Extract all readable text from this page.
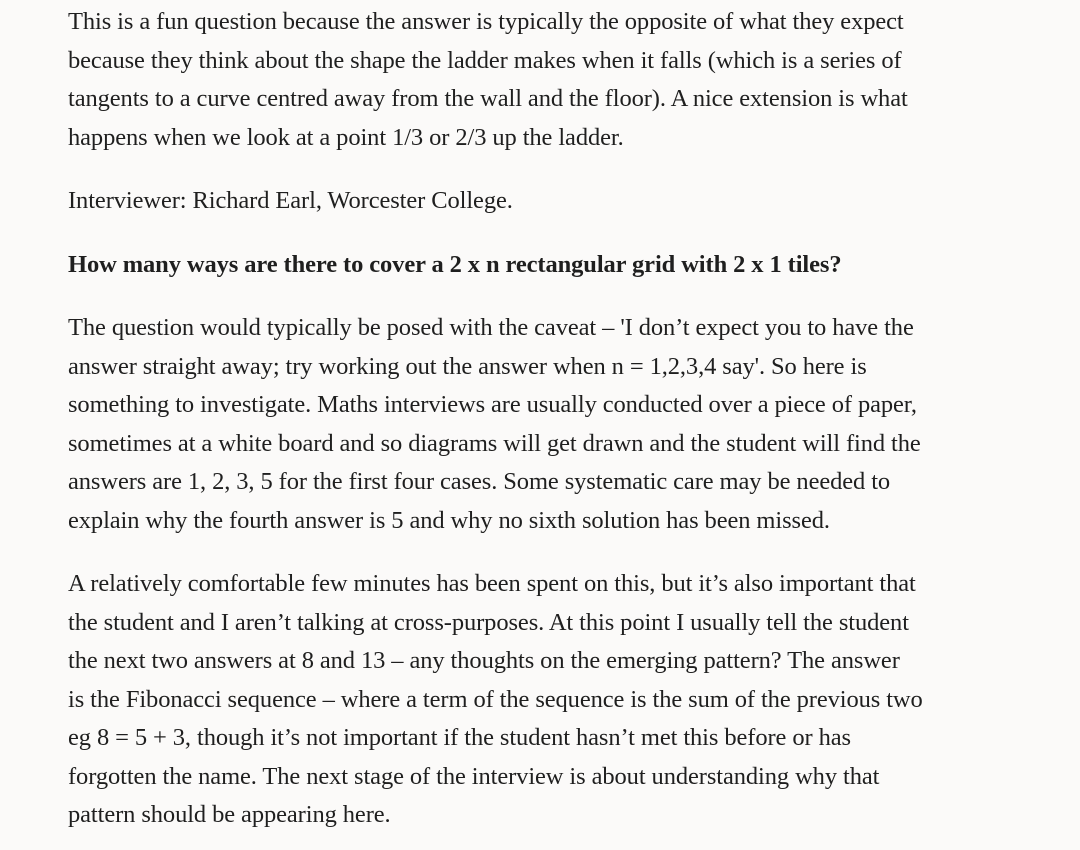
This is a fun question because the answer is typically the opposite of what they expect
because they think about the shape the ladder makes when it falls (which is a series of
tangents to a curve centred away from the wall and the floor). A nice extension is what
happens when we look at a point 1/3 or 2/3 up the ladder.

Interviewer: Richard Earl, Worcester College.

How many ways are there to cover a 2 x n rectangular grid with 2 x 1 tiles?

The question would typically be posed with the caveat – 'I don’t expect you to have the
answer straight away; try working out the answer when n = 1,2,3,4 say'. So here is
something to investigate. Maths interviews are usually conducted over a piece of paper,
sometimes at a white board and so diagrams will get drawn and the student will find the
answers are 1, 2, 3, 5 for the first four cases. Some systematic care may be needed to
explain why the fourth answer is 5 and why no sixth solution has been missed.

A relatively comfortable few minutes has been spent on this, but it’s also important that
the student and I aren’t talking at cross-purposes. At this point I usually tell the student
the next two answers at 8 and 13 – any thoughts on the emerging pattern? The answer
is the Fibonacci sequence – where a term of the sequence is the sum of the previous two
eg 8 = 5 + 3, though it’s not important if the student hasn’t met this before or has
forgotten the name. The next stage of the interview is about understanding why that
pattern should be appearing here.
